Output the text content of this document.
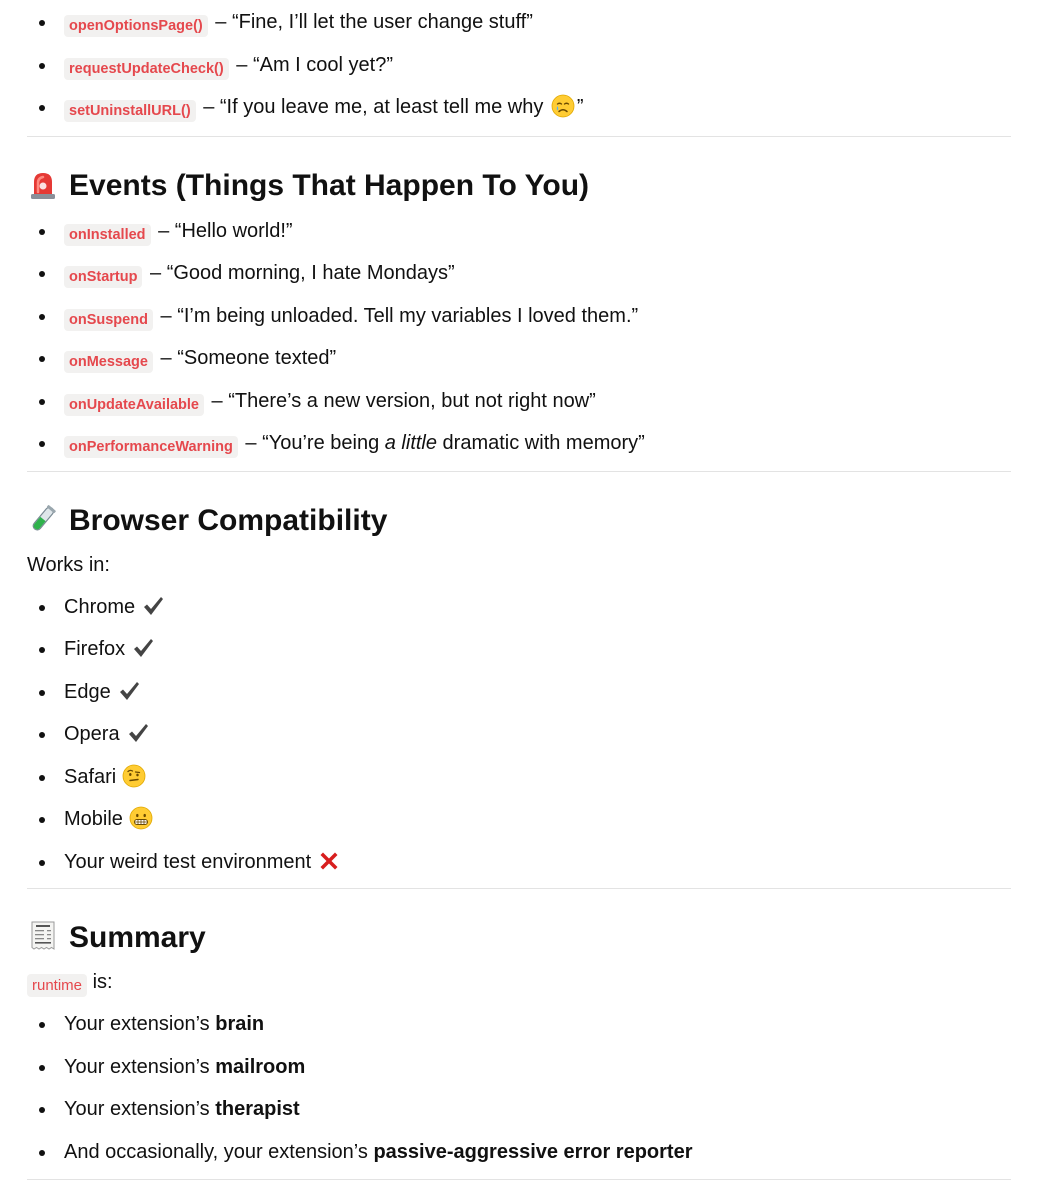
openOptionsPage() – “Fine, I’ll let the user change stuff”
requestUpdateCheck() – “Am I cool yet?”
setUninstallURL() – “If you leave me, at least tell me why ”
Events (Things That Happen To You)
onInstalled – “Hello world!”
onStartup – “Good morning, I hate Mondays”
onSuspend – “I’m being unloaded. Tell my variables I loved them.”
onMessage – “Someone texted”
onUpdateAvailable – “There’s a new version, but not right now”
onPerformanceWarning – “You’re being a little dramatic with memory”
Browser Compatibility
Works in:
Chrome
Firefox
Edge
Opera
Safari
Mobile
Your weird test environment
Summary
runtime is:
Your extension’s brain
Your extension’s mailroom
Your extension’s therapist
And occasionally, your extension’s passive-aggressive error reporter
